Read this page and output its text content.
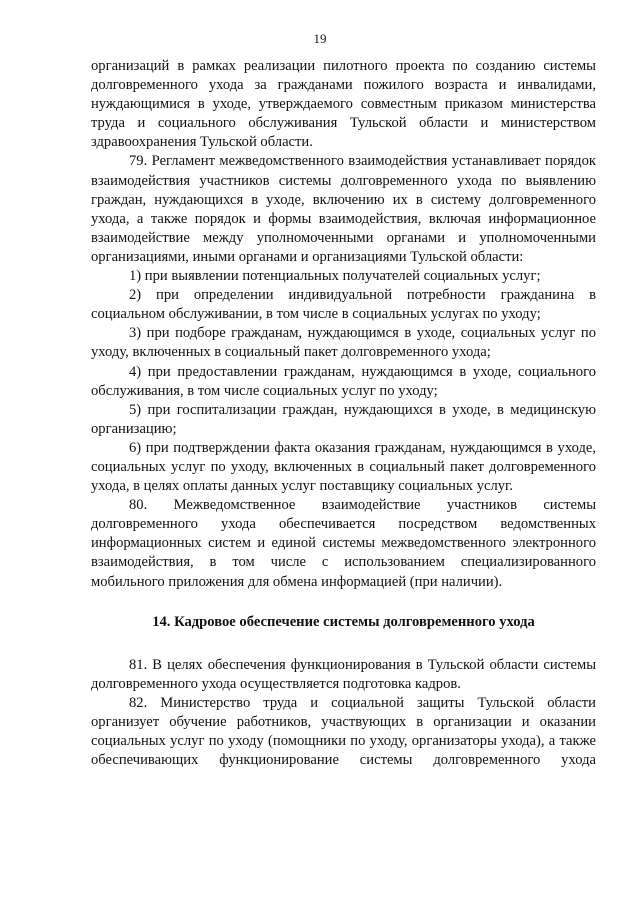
19

организаций в рамках реализации пилотного проекта по созданию системы долговременного ухода за гражданами пожилого возраста и инвалидами, нуждающимися в уходе, утверждаемого совместным приказом министерства труда и социального обслуживания Тульской области и министерством здравоохранения Тульской области.

79. Регламент межведомственного взаимодействия устанавливает порядок взаимодействия участников системы долговременного ухода по выявлению граждан, нуждающихся в уходе, включению их в систему долговременного ухода, а также порядок и формы взаимодействия, включая информационное взаимодействие между уполномоченными органами и уполномоченными организациями, иными органами и организациями Тульской области:

1) при выявлении потенциальных получателей социальных услуг;

2) при определении индивидуальной потребности гражданина в социальном обслуживании, в том числе в социальных услугах по уходу;

3) при подборе гражданам, нуждающимся в уходе, социальных услуг по уходу, включенных в социальный пакет долговременного ухода;

4) при предоставлении гражданам, нуждающимся в уходе, социального обслуживания, в том числе социальных услуг по уходу;

5) при госпитализации граждан, нуждающихся в уходе, в медицинскую организацию;

6) при подтверждении факта оказания гражданам, нуждающимся в уходе, социальных услуг по уходу, включенных в социальный пакет долговременного ухода, в целях оплаты данных услуг поставщику социальных услуг.

80. Межведомственное взаимодействие участников системы долговременного ухода обеспечивается посредством ведомственных информационных систем и единой системы межведомственного электронного взаимодействия, в том числе с использованием специализированного мобильного приложения для обмена информацией (при наличии).

14. Кадровое обеспечение системы долговременного ухода

81. В целях обеспечения функционирования в Тульской области системы долговременного ухода осуществляется подготовка кадров.

82. Министерство труда и социальной защиты Тульской области организует обучение работников, участвующих в организации и оказании социальных услуг по уходу (помощники по уходу, организаторы ухода), а также обеспечивающих функционирование системы долговременного ухода
